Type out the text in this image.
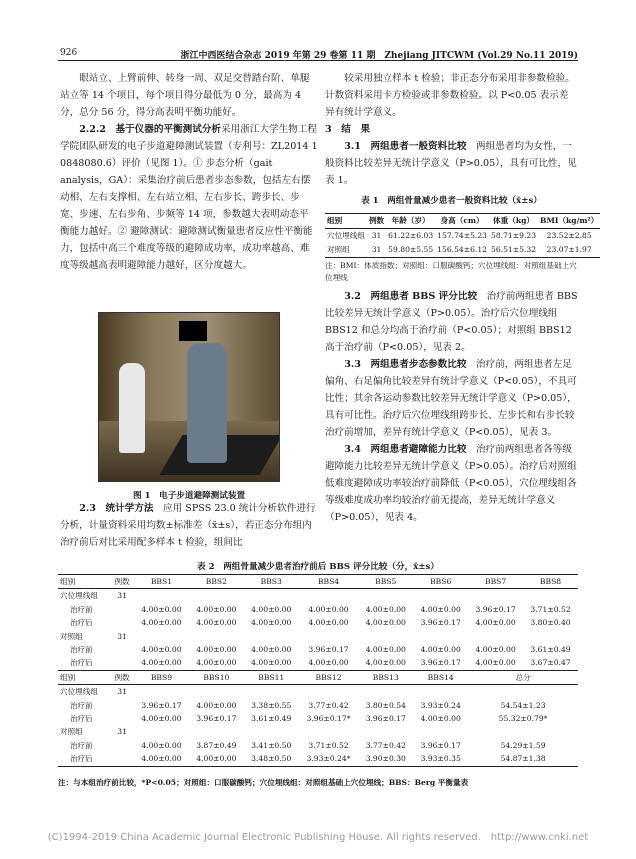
926	浙江中西医结合杂志 2019 年第 29 卷第 11 期　Zhejiang JITCWM (Vol.29 No.11 2019)

眼站立、上臂前伸、转身一周、双足交替踏台阶、单腿站立等 14 个项目，每个项目得分最低为 0 分，最高为 4 分，总分 56 分，得分高表明平衡功能好。

2.2.2　基于仪器的平衡测试分析采用浙江大学生物工程学院团队研发的电子步道避障测试装置（专利号：ZL2014 1 0848080.6）评价（见图 1）。① 步态分析（gait analysis，GA）：采集治疗前后患者步态参数，包括左右摆动相、左右支撑相、左右站立相、左右步长、跨步长、步宽、步速、左右步角、步频等 14 项，参数越大表明动态平衡能力越好。② 避障测试：避障测试衡量患者反应性平衡能力，包括中高三个难度等级的避障成功率，成功率越高、难度等级越高表明避障能力越好，区分度越大。

图 1　电子步道避障测试装置

2.3　统计学方法　 应用 SPSS 23.0 统计分析软件进行分析，计量资料采用均数±标准差（x̄±s），若正态分布组内治疗前后对比采用配多样本 t 检验，组间比

较采用独立样本 t 检验；非正态分布采用非参数检验。计数资料采用卡方检验或非参数检验。以 P<0.05 表示差异有统计学意义。

3　结　果

3.1　两组患者一般资料比较　 两组患者均为女性，一般资料比较差异无统计学意义（P>0.05），具有可比性，见表 1。

表 1　两组骨量减少患者一般资料比较（x̄±s）
组别	例数	年龄（岁）	身高（cm）	体重（kg）	BMI（kg/m²）
穴位埋线组	31	61.22±6.03	157.74±5.23	58.71±9.23	23.52±2.85
对照组	31	59.80±5.55	156.54±6.12	56.51±5.32	23.07±1.97
注：BMI：体质指数；对照组：口服碳酸钙；穴位埋线组：对照组基础上穴位埋线

3.2　两组患者 BBS 评分比较　 治疗前两组患者 BBS 比较差异无统计学意义（P>0.05）。治疗后穴位埋线组 BBS12 和总分均高于治疗前（P<0.05）；对照组 BBS12 高于治疗前（P<0.05），见表 2。

3.3　两组患者步态参数比较　 治疗前，两组患者左足偏角、右足偏角比较差异有统计学意义（P<0.05），不具可比性；其余各运动参数比较差异无统计学意义（P>0.05），具有可比性。治疗后穴位埋线组跨步长、左步长和右步长较治疗前增加，差异有统计学意义（P<0.05），见表 3。

3.4　两组患者避障能力比较　 治疗前两组患者各等级避障能力比较差异无统计学意义（P>0.05）。治疗后对照组低难度避障成功率较治疗前降低（P<0.05），穴位埋线组各等级难度成功率均较治疗前无提高，差异无统计学意义（P>0.05），见表 4。

表 2　两组骨量减少患者治疗前后 BBS 评分比较（分，x̄±s）
组别	例数	BBS1	BBS2	BBS3	BBS4	BBS5	BBS6	BBS7	BBS8
穴位埋线组	31								
治疗前		4.00±0.00	4.00±0.00	4.00±0.00	4.00±0.00	4.00±0.00	4.00±0.00	3.96±0.17	3.71±0.52
治疗后		4.00±0.00	4.00±0.00	4.00±0.00	4.00±0.00	4.00±0.00	3.96±0.17	4.00±0.00	3.80±0.40
对照组	31								
治疗前		4.00±0.00	4.00±0.00	4.00±0.00	3.96±0.17	4.00±0.00	4.00±0.00	4.00±0.00	3.61±0.49
治疗后		4.00±0.00	4.00±0.00	4.00±0.00	4.00±0.00	4.00±0.00	3.96±0.17	4.00±0.00	3.67±0.47
组别	例数	BBS9	BBS10	BBS11	BBS12	BBS13	BBS14	总分	
穴位埋线组	31								
治疗前		3.96±0.17	4.00±0.00	3.38±0.55	3.77±0.42	3.80±0.54	3.93±0.24	54.54±1.23	
治疗后		4.00±0.00	3.96±0.17	3.61±0.49	3.96±0.17*	3.96±0.17	4.00±0.00	55.32±0.79*	
对照组	31								
治疗前		4.00±0.00	3.87±0.49	3.41±0.50	3.71±0.52	3.77±0.42	3.96±0.17	54.29±1.59	
治疗后		4.00±0.00	4.00±0.00	3.48±0.50	3.93±0.24*	3.90±0.30	3.93±0.35	54.87±1.38	
注：与本组治疗前比较，*P<0.05；对照组：口服碳酸钙；穴位埋线组：对照组基础上穴位埋线；BBS：Berg 平衡量表
(C)1994-2019 China Academic Journal Electronic Publishing House. All rights reserved.　http://www.cnki.net
